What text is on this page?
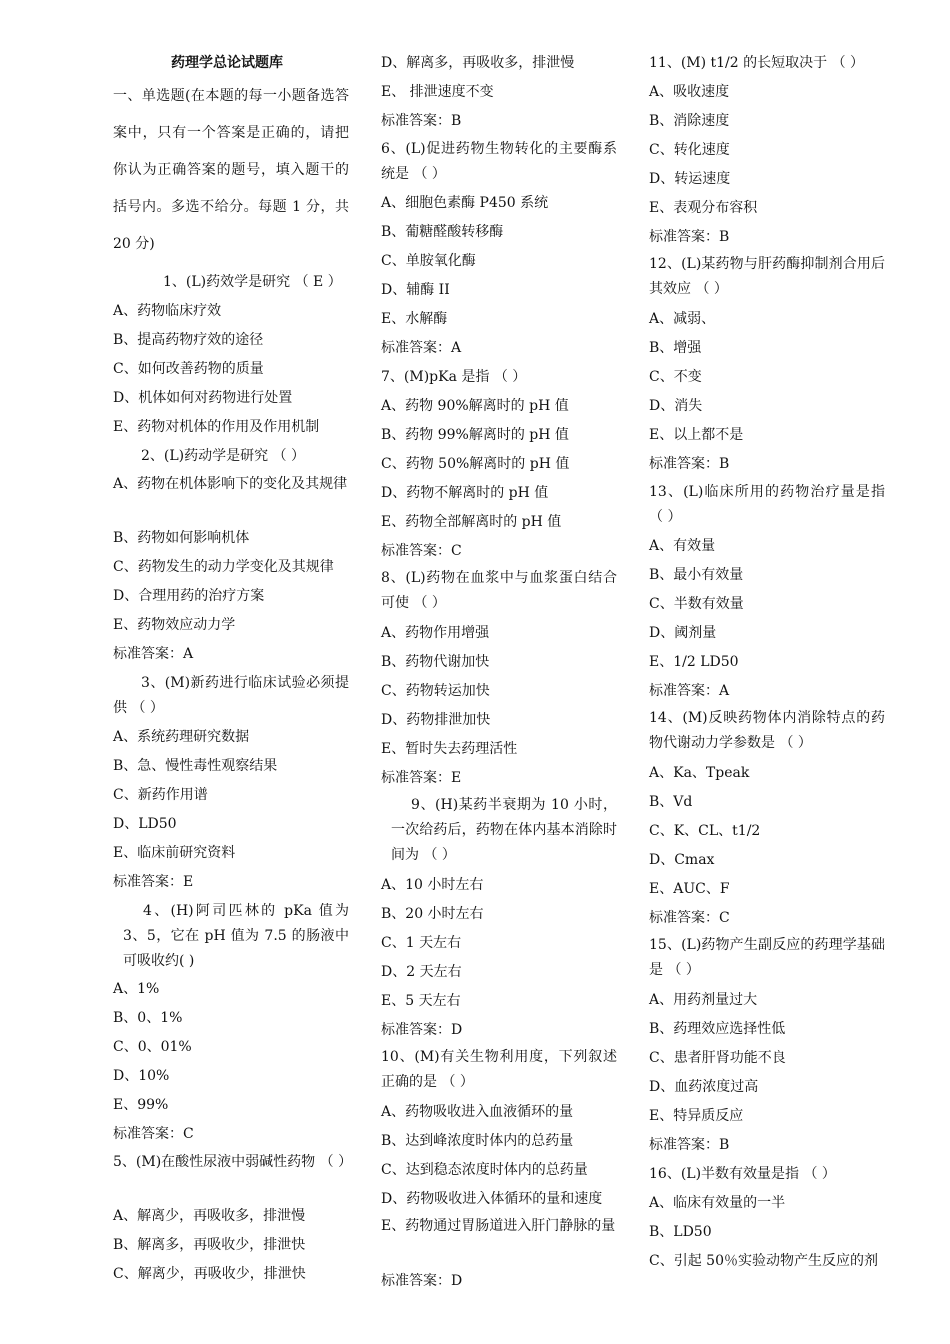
药理学总论试题库
一、单选题(在本题的每一小题备选答案中，只有一个答案是正确的，请把你认为正确答案的题号，填入题干的括号内。多选不给分。每题 1 分，共 20 分)
1、(L)药效学是研究 （ E ）
A、药物临床疗效
B、提高药物疗效的途径
C、如何改善药物的质量
D、机体如何对药物进行处置
E、药物对机体的作用及作用机制
2、(L)药动学是研究 （ ）
A、药物在机体影响下的变化及其规律
B、药物如何影响机体
C、药物发生的动力学变化及其规律
D、合理用药的治疗方案
E、药物效应动力学
标准答案：A
3、(M)新药进行临床试验必须提供 （ ）
A、系统药理研究数据
B、急、慢性毒性观察结果
C、新药作用谱
D、LD50
E、临床前研究资料
标准答案：E
4、(H)阿司匹林的 pKa 值为 3、5，它在 pH 值为 7.5 的肠液中可吸收约( )
A、1%
B、0、1%
C、0、01%
D、10%
E、99%
标准答案：C
5、(M)在酸性尿液中弱碱性药物 （ ）
A、解离少，再吸收多，排泄慢
B、解离多，再吸收少，排泄快
C、解离少，再吸收少，排泄快
D、解离多，再吸收多，排泄慢
E、 排泄速度不变
标准答案：B
6、(L)促进药物生物转化的主要酶系统是 （ ）
A、细胞色素酶 P450 系统
B、葡糖醛酸转移酶
C、单胺氧化酶
D、辅酶 II
E、水解酶
标准答案：A
7、(M)pKa 是指 （ ）
A、药物 90%解离时的 pH 值
B、药物 99%解离时的 pH 值
C、药物 50%解离时的 pH 值
D、药物不解离时的 pH 值
E、药物全部解离时的 pH 值
标准答案：C
8、(L)药物在血浆中与血浆蛋白结合可使 （ ）
A、药物作用增强
B、药物代谢加快
C、药物转运加快
D、药物排泄加快
E、暂时失去药理活性
标准答案：E
9、(H)某药半衰期为 10 小时，一次给药后，药物在体内基本消除时间为 （ ）
A、10 小时左右
B、20 小时左右
C、1 天左右
D、2 天左右
E、5 天左右
标准答案：D
10、(M)有关生物利用度，下列叙述正确的是 （ ）
A、药物吸收进入血液循环的量
B、达到峰浓度时体内的总药量
C、达到稳态浓度时体内的总药量
D、药物吸收进入体循环的量和速度
E、药物通过胃肠道进入肝门静脉的量
标准答案：D
11、(M) t1/2 的长短取决于 （ ）
A、吸收速度
B、消除速度
C、转化速度
D、转运速度
E、表观分布容积
标准答案：B
12、(L)某药物与肝药酶抑制剂合用后其效应 （ ）
A、减弱、
B、增强
C、不变
D、消失
E、以上都不是
标准答案：B
13、(L)临床所用的药物治疗量是指 （ ）
A、有效量
B、最小有效量
C、半数有效量
D、阈剂量
E、1/2 LD50
标准答案：A
14、(M)反映药物体内消除特点的药物代谢动力学参数是 （ ）
A、Ka、Tpeak
B、Vd
C、K、CL、t1/2
D、Cmax
E、AUC、F
标准答案：C
15、(L)药物产生副反应的药理学基础是 （ ）
A、用药剂量过大
B、药理效应选择性低
C、患者肝肾功能不良
D、血药浓度过高
E、特异质反应
标准答案：B
16、(L)半数有效量是指 （ ）
A、临床有效量的一半
B、LD50
C、引起 50％实验动物产生反应的剂
